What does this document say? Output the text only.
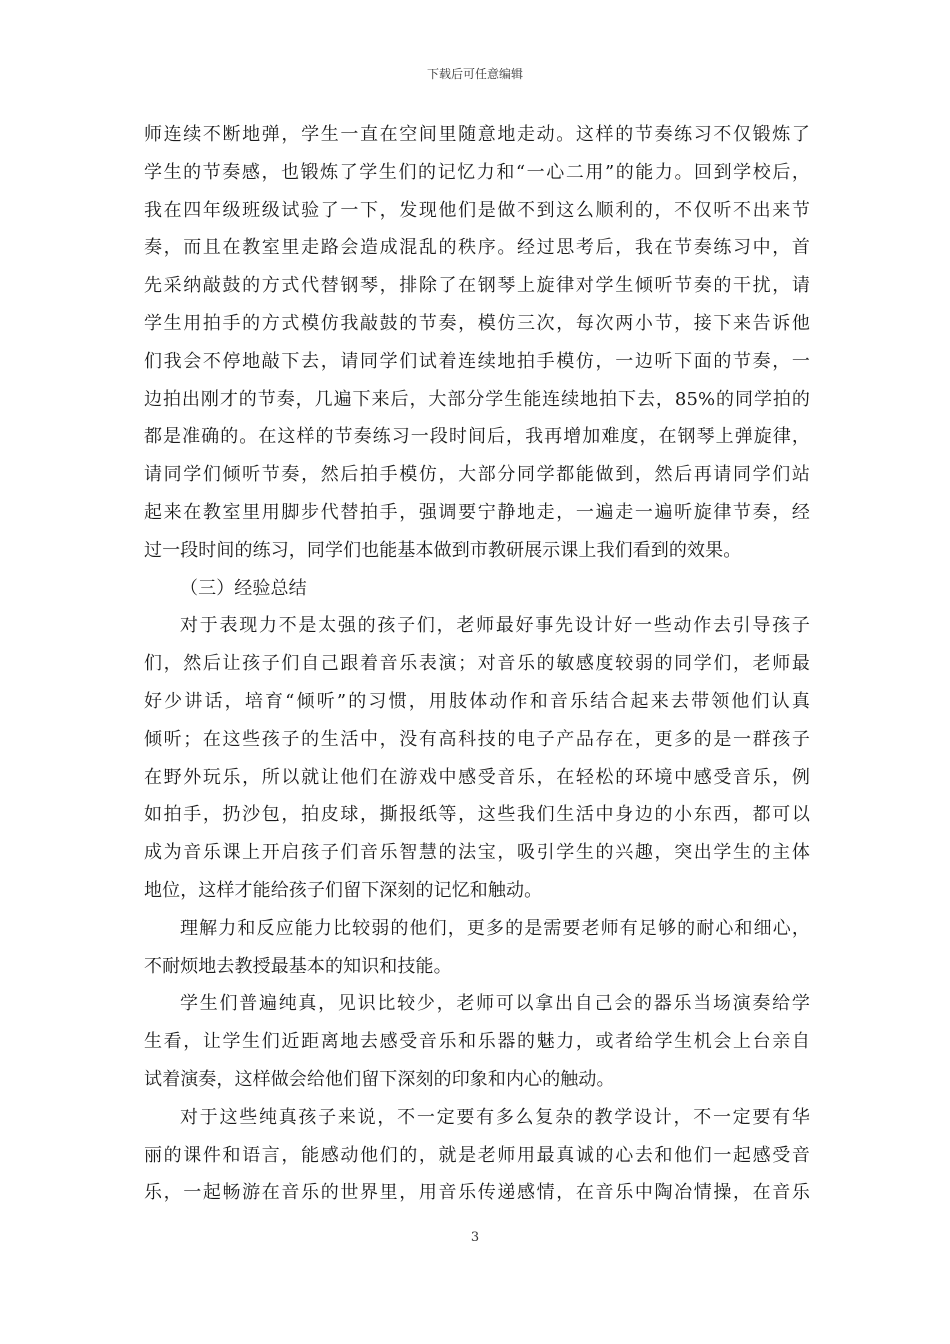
下载后可任意编辑
师连续不断地弹，学生一直在空间里随意地走动。这样的节奏练习不仅锻炼了
学生的节奏感，也锻炼了学生们的记忆力和“一心二用”的能力。回到学校后，
我在四年级班级试验了一下，发现他们是做不到这么顺利的，不仅听不出来节
奏，而且在教室里走路会造成混乱的秩序。经过思考后，我在节奏练习中，首
先采纳敲鼓的方式代替钢琴，排除了在钢琴上旋律对学生倾听节奏的干扰，请
学生用拍手的方式模仿我敲鼓的节奏，模仿三次，每次两小节，接下来告诉他
们我会不停地敲下去，请同学们试着连续地拍手模仿，一边听下面的节奏，一
边拍出刚才的节奏，几遍下来后，大部分学生能连续地拍下去，85%的同学拍的
都是准确的。在这样的节奏练习一段时间后，我再增加难度，在钢琴上弹旋律，
请同学们倾听节奏，然后拍手模仿，大部分同学都能做到，然后再请同学们站
起来在教室里用脚步代替拍手，强调要宁静地走，一遍走一遍听旋律节奏，经
过一段时间的练习，同学们也能基本做到市教研展示课上我们看到的效果。
（三）经验总结
对于表现力不是太强的孩子们，老师最好事先设计好一些动作去引导孩子
们，然后让孩子们自己跟着音乐表演；对音乐的敏感度较弱的同学们，老师最
好少讲话，培育“倾听”的习惯，用肢体动作和音乐结合起来去带领他们认真
倾听；在这些孩子的生活中，没有高科技的电子产品存在，更多的是一群孩子
在野外玩乐，所以就让他们在游戏中感受音乐，在轻松的环境中感受音乐，例
如拍手，扔沙包，拍皮球，撕报纸等，这些我们生活中身边的小东西，都可以
成为音乐课上开启孩子们音乐智慧的法宝，吸引学生的兴趣，突出学生的主体
地位，这样才能给孩子们留下深刻的记忆和触动。
理解力和反应能力比较弱的他们，更多的是需要老师有足够的耐心和细心，
不耐烦地去教授最基本的知识和技能。
学生们普遍纯真，见识比较少，老师可以拿出自己会的器乐当场演奏给学
生看，让学生们近距离地去感受音乐和乐器的魅力，或者给学生机会上台亲自
试着演奏，这样做会给他们留下深刻的印象和内心的触动。
对于这些纯真孩子来说，不一定要有多么复杂的教学设计，不一定要有华
丽的课件和语言，能感动他们的，就是老师用最真诚的心去和他们一起感受音
乐，一起畅游在音乐的世界里，用音乐传递感情，在音乐中陶冶情操，在音乐
3
